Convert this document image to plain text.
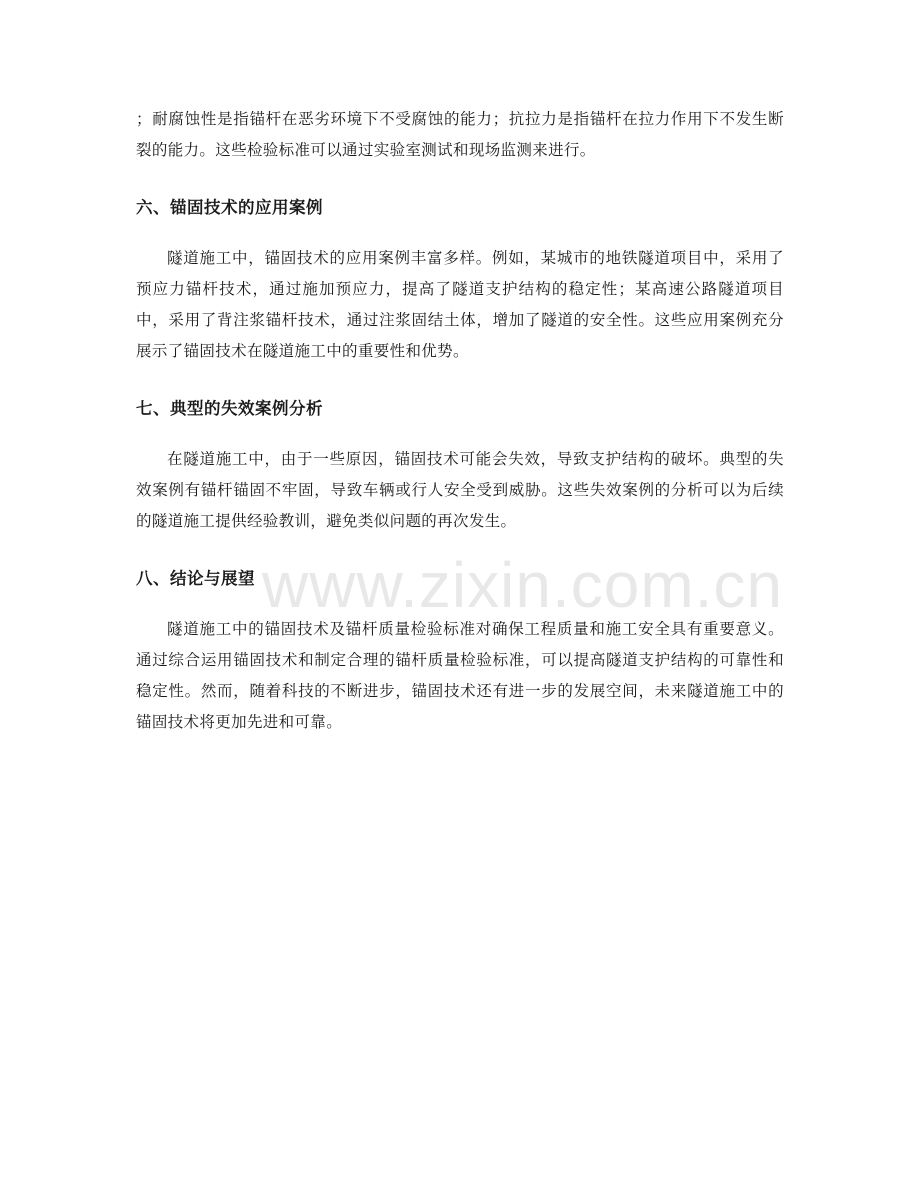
；耐腐蚀性是指锚杆在恶劣环境下不受腐蚀的能力；抗拉力是指锚杆在拉力作用下不发生断裂的能力。这些检验标准可以通过实验室测试和现场监测来进行。

六、锚固技术的应用案例

隧道施工中，锚固技术的应用案例丰富多样。例如，某城市的地铁隧道项目中，采用了预应力锚杆技术，通过施加预应力，提高了隧道支护结构的稳定性；某高速公路隧道项目中，采用了背注浆锚杆技术，通过注浆固结土体，增加了隧道的安全性。这些应用案例充分展示了锚固技术在隧道施工中的重要性和优势。

七、典型的失效案例分析

在隧道施工中，由于一些原因，锚固技术可能会失效，导致支护结构的破坏。典型的失效案例有锚杆锚固不牢固，导致车辆或行人安全受到威胁。这些失效案例的分析可以为后续的隧道施工提供经验教训，避免类似问题的再次发生。

八、结论与展望

隧道施工中的锚固技术及锚杆质量检验标准对确保工程质量和施工安全具有重要意义。通过综合运用锚固技术和制定合理的锚杆质量检验标准，可以提高隧道支护结构的可靠性和稳定性。然而，随着科技的不断进步，锚固技术还有进一步的发展空间，未来隧道施工中的锚固技术将更加先进和可靠。

www.zixin.com.cn
